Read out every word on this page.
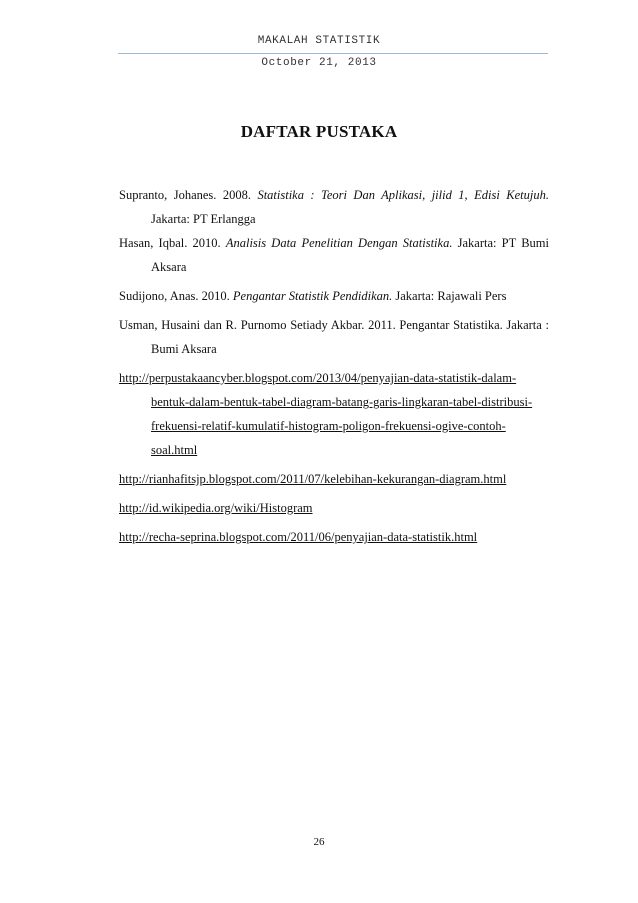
MAKALAH STATISTIK
October 21, 2013
DAFTAR PUSTAKA

Supranto, Johanes. 2008. Statistika : Teori Dan Aplikasi, jilid 1, Edisi Ketujuh. Jakarta: PT Erlangga

Hasan, Iqbal. 2010. Analisis Data Penelitian Dengan Statistika. Jakarta: PT Bumi Aksara

Sudijono, Anas. 2010. Pengantar Statistik Pendidikan. Jakarta: Rajawali Pers

Usman, Husaini dan R. Purnomo Setiady Akbar. 2011. Pengantar Statistika. Jakarta : Bumi Aksara

http://perpustakaancyber.blogspot.com/2013/04/penyajian-data-statistik-dalam-bentuk-dalam-bentuk-tabel-diagram-batang-garis-lingkaran-tabel-distribusi-frekuensi-relatif-kumulatif-histogram-poligon-frekuensi-ogive-contoh-soal.html

http://rianhafitsjp.blogspot.com/2011/07/kelebihan-kekurangan-diagram.html

http://id.wikipedia.org/wiki/Histogram

http://recha-seprina.blogspot.com/2011/06/penyajian-data-statistik.html

26
